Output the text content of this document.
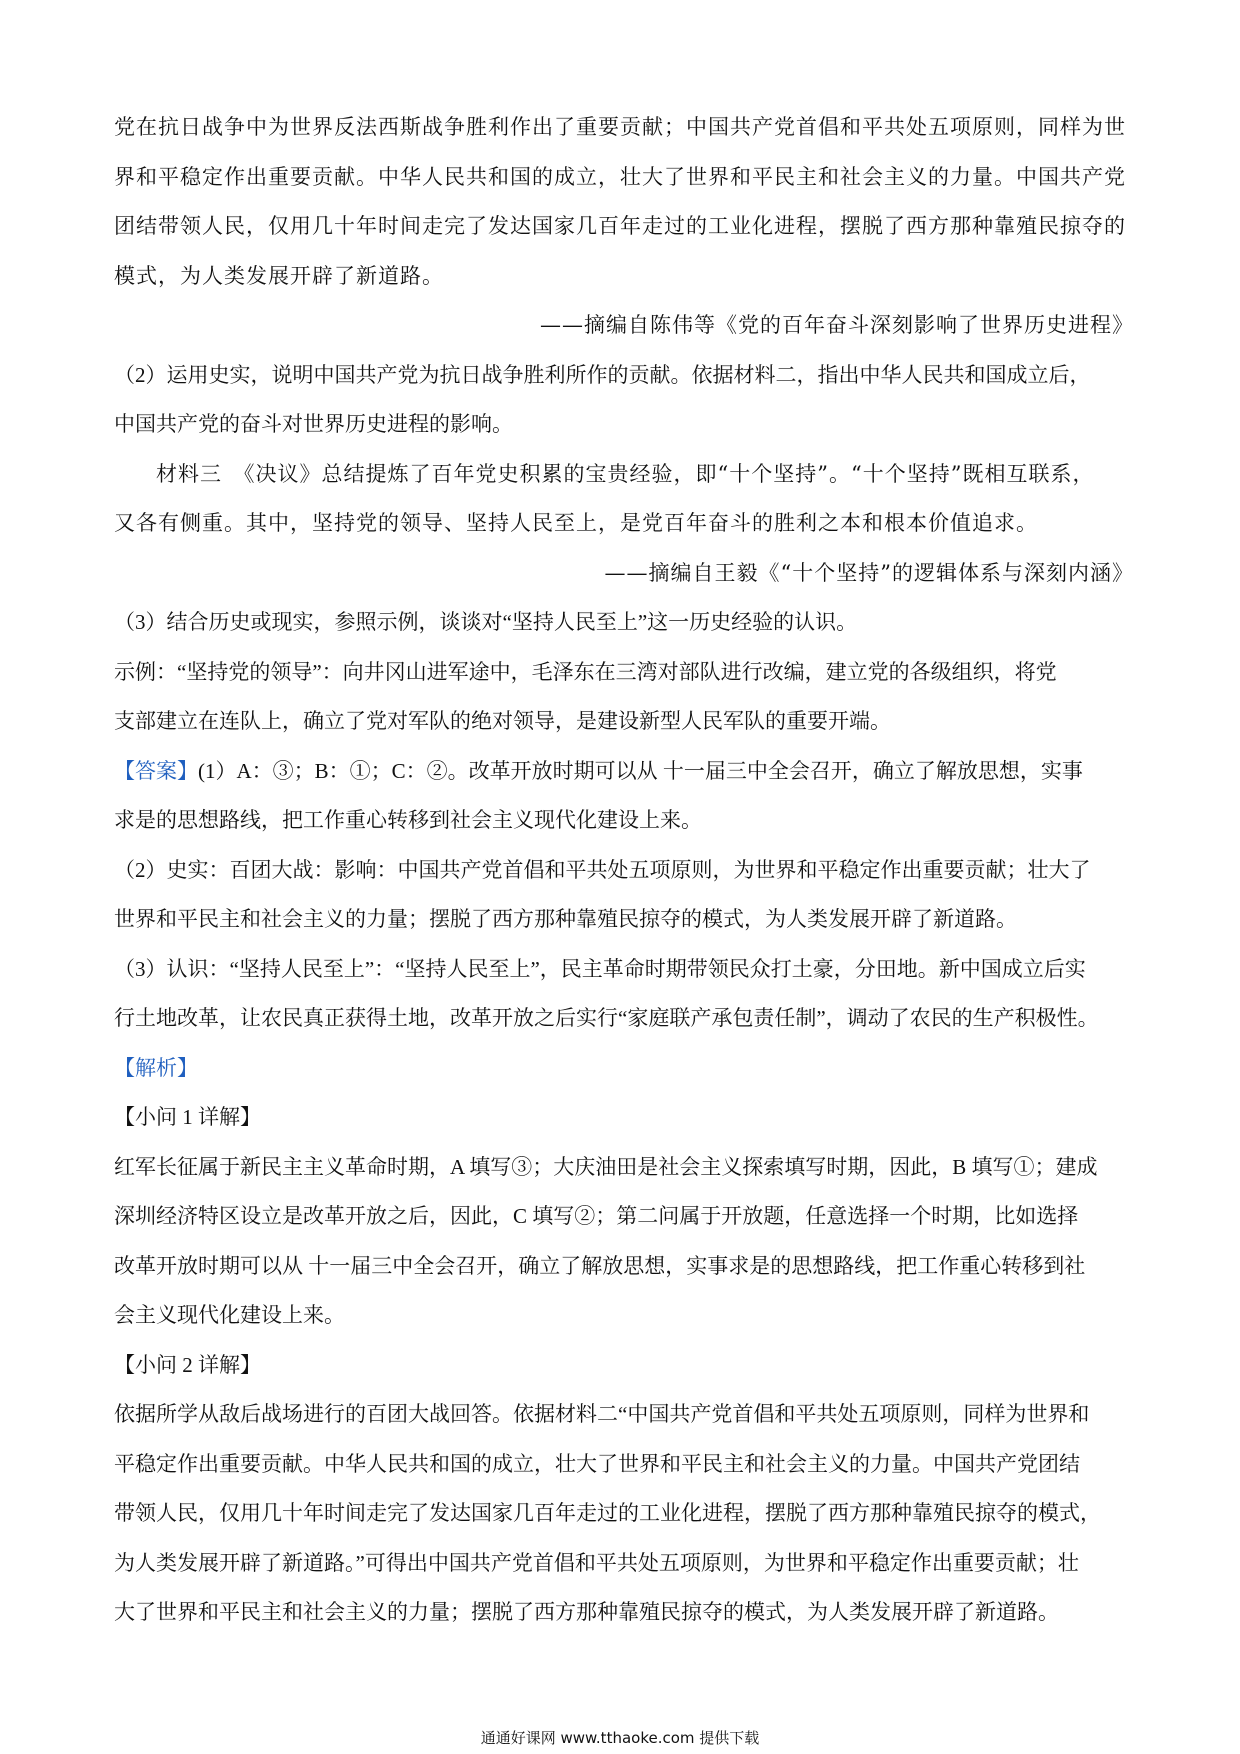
党在抗日战争中为世界反法西斯战争胜利作出了重要贡献；中国共产党首倡和平共处五项原则，同样为世

界和平稳定作出重要贡献。中华人民共和国的成立，壮大了世界和平民主和社会主义的力量。中国共产党

团结带领人民，仅用几十年时间走完了发达国家几百年走过的工业化进程，摆脱了西方那种靠殖民掠夺的

模式，为人类发展开辟了新道路。

——摘编自陈伟等《党的百年奋斗深刻影响了世界历史进程》

（2）运用史实，说明中国共产党为抗日战争胜利所作的贡献。依据材料二，指出中华人民共和国成立后，

中国共产党的奋斗对世界历史进程的影响。

材料三　《决议》总结提炼了百年党史积累的宝贵经验，即“十个坚持”。“十个坚持”既相互联系，

又各有侧重。其中，坚持党的领导、坚持人民至上，是党百年奋斗的胜利之本和根本价值追求。

——摘编自王毅《“十个坚持”的逻辑体系与深刻内涵》

（3）结合历史或现实，参照示例，谈谈对“坚持人民至上”这一历史经验的认识。

示例：“坚持党的领导”：向井冈山进军途中，毛泽东在三湾对部队进行改编，建立党的各级组织，将党

支部建立在连队上，确立了党对军队的绝对领导，是建设新型人民军队的重要开端。

【答案】(1）A：③；B：①；C：②。改革开放时期可以从 十一届三中全会召开，确立了解放思想，实事

求是的思想路线，把工作重心转移到社会主义现代化建设上来。

（2）史实：百团大战：影响：中国共产党首倡和平共处五项原则，为世界和平稳定作出重要贡献；壮大了

世界和平民主和社会主义的力量；摆脱了西方那种靠殖民掠夺的模式，为人类发展开辟了新道路。

（3）认识：“坚持人民至上”：“坚持人民至上”，民主革命时期带领民众打土豪，分田地。新中国成立后实

行土地改革，让农民真正获得土地，改革开放之后实行“家庭联产承包责任制”，调动了农民的生产积极性。

【解析】

【小问 1 详解】

红军长征属于新民主主义革命时期，A 填写③；大庆油田是社会主义探索填写时期，因此，B 填写①；建成

深圳经济特区设立是改革开放之后，因此，C 填写②；第二问属于开放题，任意选择一个时期，比如选择

改革开放时期可以从 十一届三中全会召开，确立了解放思想，实事求是的思想路线，把工作重心转移到社

会主义现代化建设上来。

【小问 2 详解】

依据所学从敌后战场进行的百团大战回答。依据材料二“中国共产党首倡和平共处五项原则，同样为世界和

平稳定作出重要贡献。中华人民共和国的成立，壮大了世界和平民主和社会主义的力量。中国共产党团结

带领人民，仅用几十年时间走完了发达国家几百年走过的工业化进程，摆脱了西方那种靠殖民掠夺的模式，

为人类发展开辟了新道路。”可得出中国共产党首倡和平共处五项原则，为世界和平稳定作出重要贡献；壮

大了世界和平民主和社会主义的力量；摆脱了西方那种靠殖民掠夺的模式，为人类发展开辟了新道路。

通通好课网 www.tthaoke.com 提供下载
